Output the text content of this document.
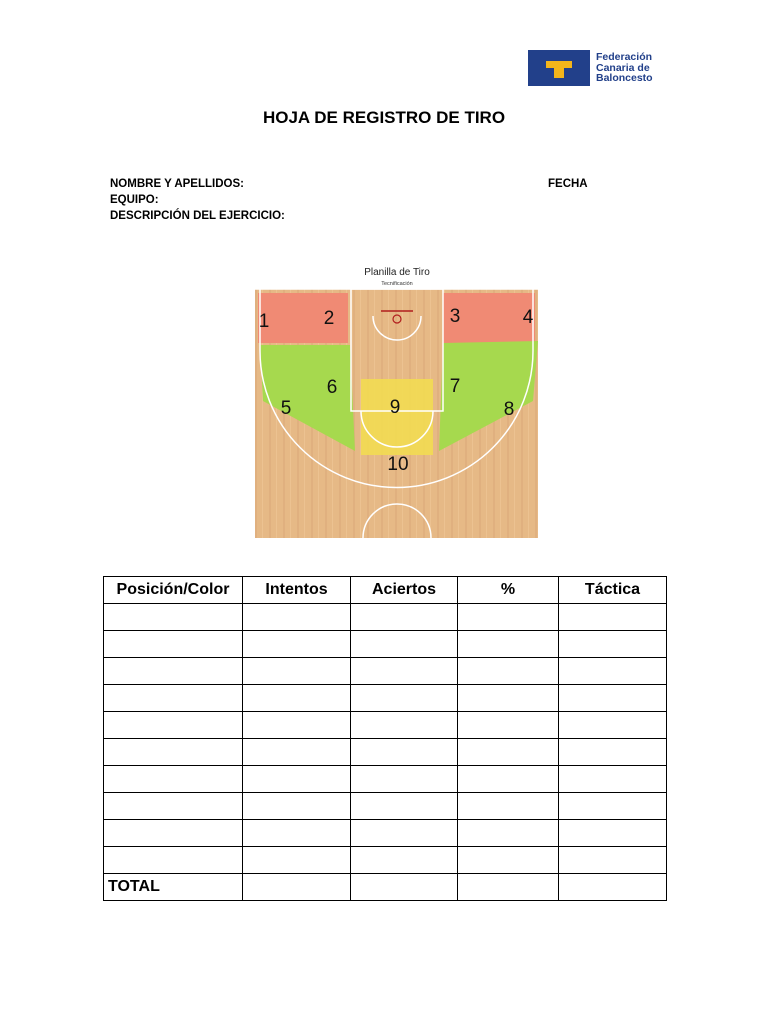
Federación
Canaria de
Baloncesto
HOJA DE REGISTRO DE TIRO
NOMBRE Y APELLIDOS:	FECHA
EQUIPO:
DESCRIPCIÓN DEL EJERCICIO:
Planilla de Tiro
Tecnificación
1	2	3	4
5
6	7
8
9
10
Posición/Color	Intentos	Aciertos	%	Táctica

TOTAL				
